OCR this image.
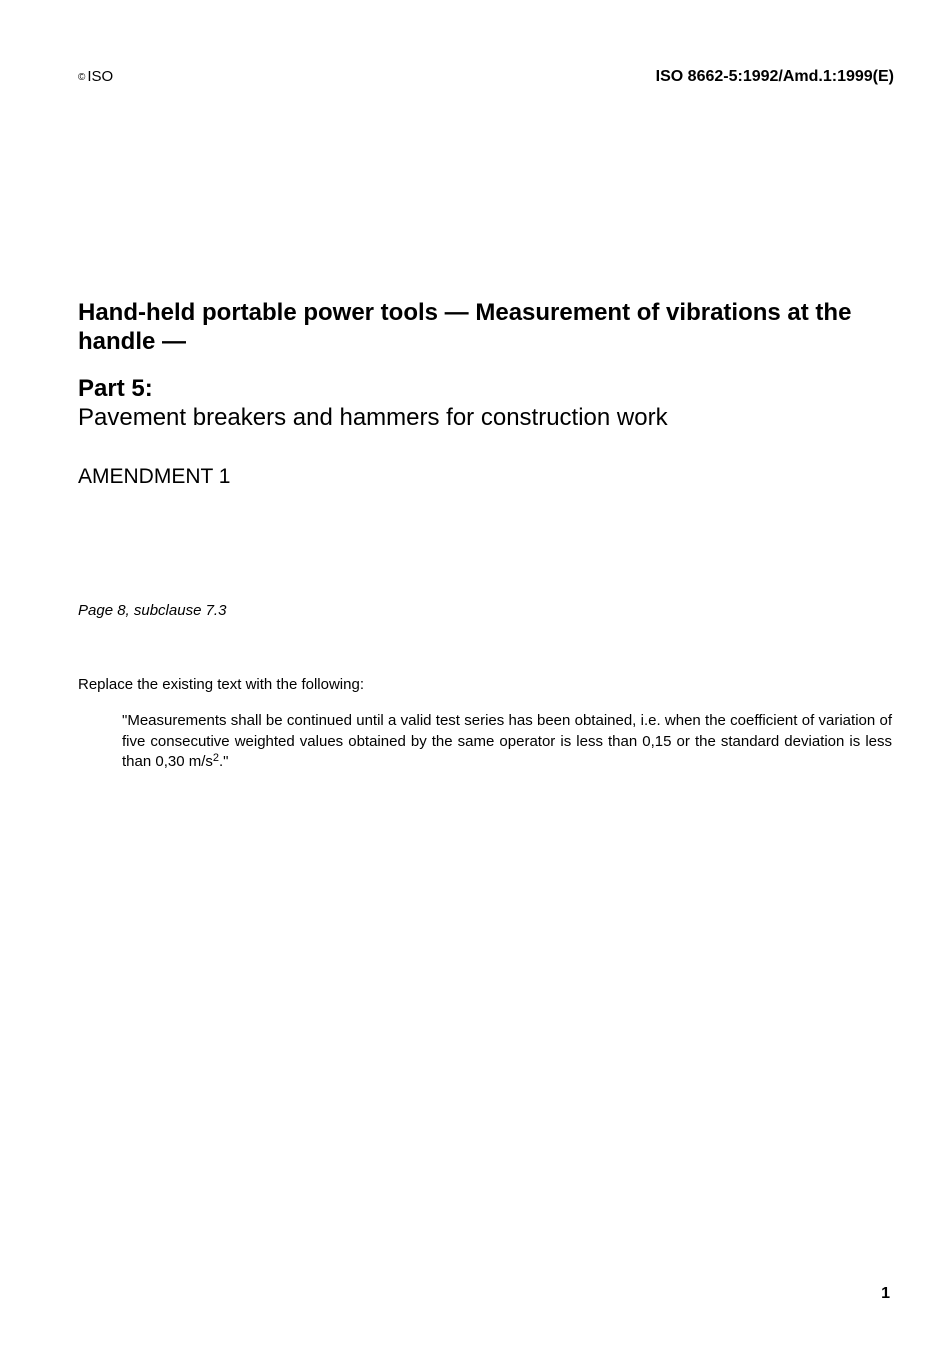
© ISO	ISO 8662-5:1992/Amd.1:1999(E)
Hand-held portable power tools — Measurement of vibrations at the handle —
Part 5:
Pavement breakers and hammers for construction work
AMENDMENT 1
Page 8, subclause 7.3
Replace the existing text with the following:

"Measurements shall be continued until a valid test series has been obtained, i.e. when the coefficient of variation of five consecutive weighted values obtained by the same operator is less than 0,15 or the standard deviation is less than 0,30 $m/s^2$."

1
